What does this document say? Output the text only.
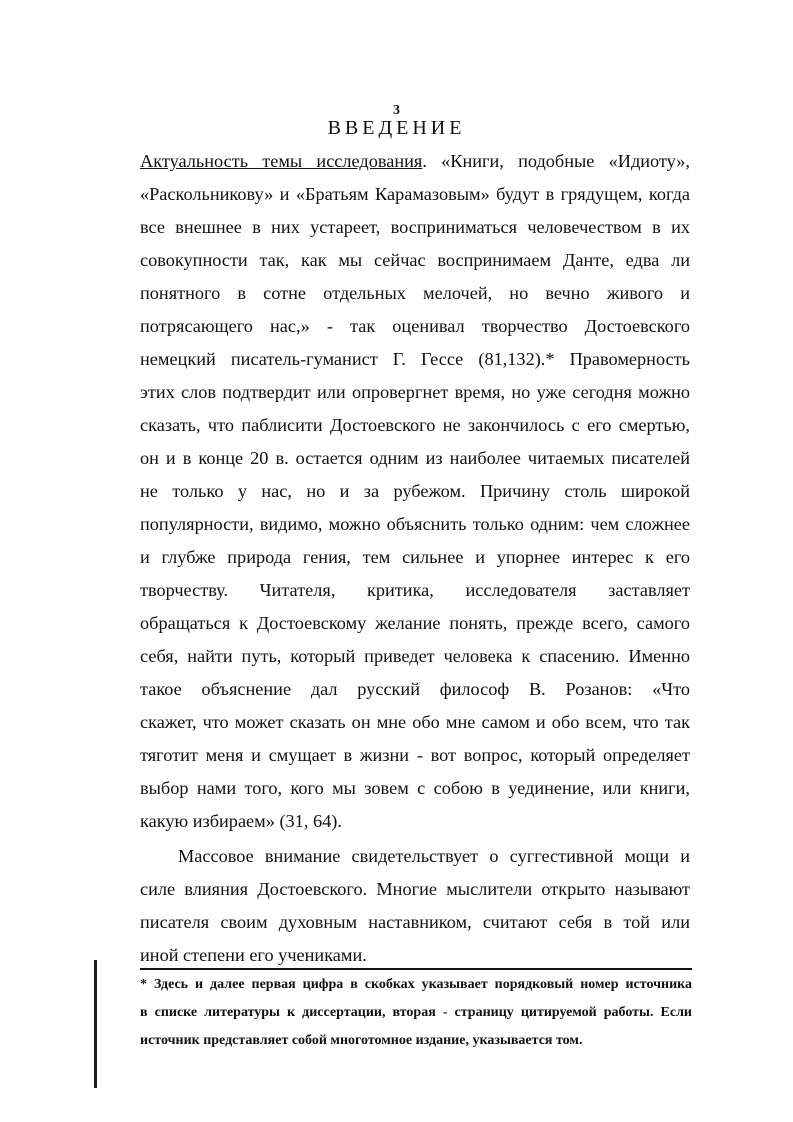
3
ВВЕДЕНИЕ
Актуальность темы исследования. «Книги, подобные «Идиоту»,
«Раскольникову» и «Братьям Карамазовым» будут в грядущем, когда
все внешнее в них устареет, восприниматься человечеством в их
совокупности так, как мы сейчас воспринимаем Данте, едва ли
понятного в сотне отдельных мелочей, но вечно живого и
потрясающего нас,» - так оценивал творчество Достоевского
немецкий писатель-гуманист Г. Гессе (81,132).* Правомерность
этих слов подтвердит или опровергнет время, но уже сегодня можно
сказать, что паблисити Достоевского не закончилось с его смертью,
он и в конце 20 в. остается одним из наиболее читаемых писателей
не только у нас, но и за рубежом. Причину столь широкой
популярности, видимо, можно объяснить только одним: чем сложнее
и глубже природа гения, тем сильнее и упорнее интерес к его
творчеству. Читателя, критика, исследователя заставляет
обращаться к Достоевскому желание понять, прежде всего, самого
себя, найти путь, который приведет человека к спасению. Именно
такое объяснение дал русский философ В. Розанов: «Что
скажет, что может сказать он мне обо мне самом и обо всем, что так
тяготит меня и смущает в жизни - вот вопрос, который определяет
выбор нами того, кого мы зовем с собою в уединение, или книги,
какую избираем» (31, 64).
Массовое внимание свидетельствует о суггестивной мощи и
силе влияния Достоевского. Многие мыслители открыто называют
писателя своим духовным наставником, считают себя в той или
иной степени его учениками.
* Здесь и далее первая цифра в скобках указывает порядковый номер источника
в списке литературы к диссертации, вторая - страницу цитируемой работы. Если
источник представляет собой многотомное издание, указывается том.
